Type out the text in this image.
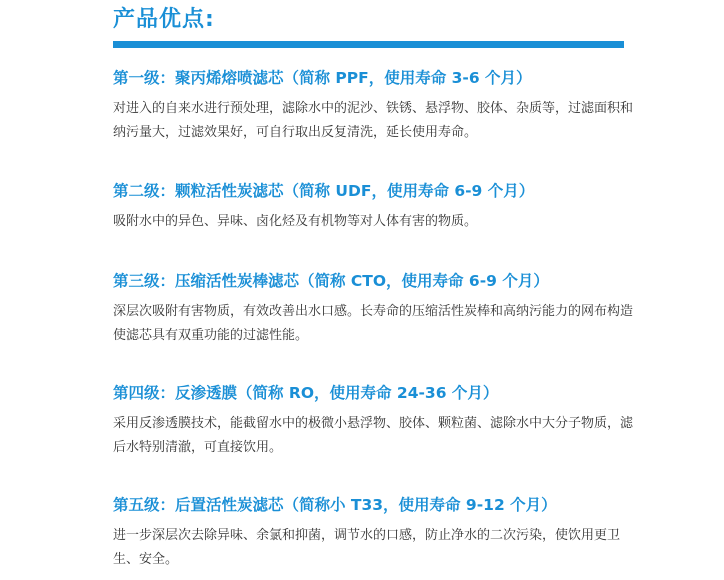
产品优点:
第一级：聚丙烯熔喷滤芯（简称 PPF，使用寿命 3-6 个月）

对进入的自来水进行预处理，滤除水中的泥沙、铁锈、悬浮物、胶体、杂质等，过滤面积和纳污量大，过滤效果好，可自行取出反复清洗，延长使用寿命。

第二级：颗粒活性炭滤芯（简称 UDF，使用寿命 6-9 个月）

吸附水中的异色、异味、卤化烃及有机物等对人体有害的物质。

第三级：压缩活性炭棒滤芯（简称 CTO，使用寿命 6-9 个月）

深层次吸附有害物质，有效改善出水口感。长寿命的压缩活性炭棒和高纳污能力的网布构造使滤芯具有双重功能的过滤性能。

第四级：反渗透膜（简称 RO，使用寿命 24-36 个月）

采用反渗透膜技术，能截留水中的极微小悬浮物、胶体、颗粒菌、滤除水中大分子物质，滤后水特别清澈，可直接饮用。

第五级：后置活性炭滤芯（简称小 T33，使用寿命 9-12 个月）

进一步深层次去除异味、余氯和抑菌，调节水的口感，防止净水的二次污染，使饮用更卫生、安全。
